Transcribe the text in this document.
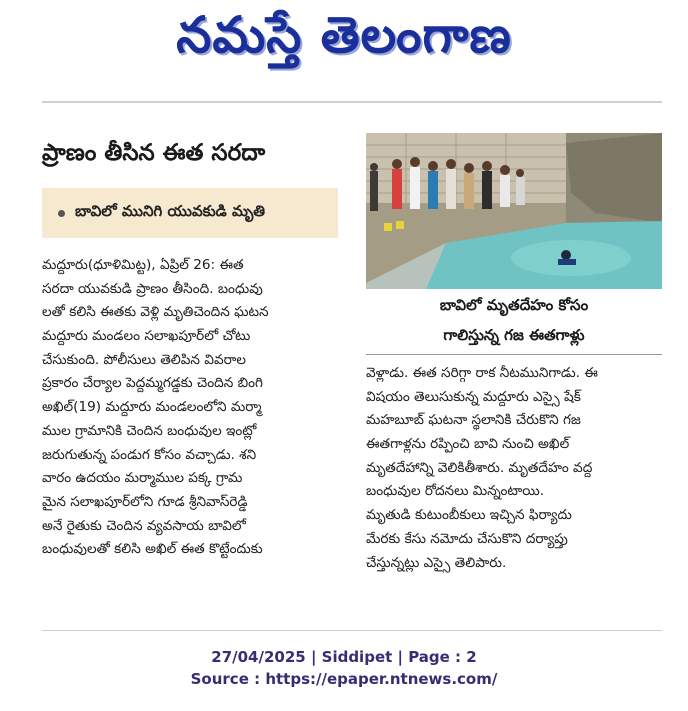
నమస్తే తెలంగాణ
ప్రాణం తీసిన ఈత సరదా
బావిలో మునిగి యువకుడి మృతి
మద్దూరు(ధూళిమిట్ట), ఏప్రిల్ 26: ఈత
సరదా యువకుడి ప్రాణం తీసింది. బంధువు
లతో కలిసి ఈతకు వెళ్లి మృతిచెందిన ఘటన
మద్దూరు మండలం సలాఖపూర్‌లో చోటు
చేసుకుంది. పోలీసులు తెలిపిన వివరాల
ప్రకారం చేర్యాల పెద్దమ్మగడ్డకు చెందిన బింగి
అఖిల్(19) మద్దూరు మండలంలోని మర్మా
ముల గ్రామానికి చెందిన బంధువుల ఇంట్లో
జరుగుతున్న పండుగ కోసం వచ్చాడు. శని
వారం ఉదయం మర్మాముల పక్క గ్రామ
మైన సలాఖపూర్‌లోని గూడ శ్రీనివాస్‌రెడ్డి
అనే రైతుకు చెందిన వ్యవసాయ బావిలో
బంధువులతో కలిసి అఖిల్ ఈత కొట్టేందుకు
బావిలో మృతదేహం కోసం
గాలిస్తున్న గజ ఈతగాళ్లు
వెళ్లాడు. ఈత సరిగ్గా రాక నీటమునిగాడు. ఈ
విషయం తెలుసుకున్న మద్దూరు ఎస్సై షేక్
మహబూబ్ ఘటనా స్థలానికి చేరుకొని గజ
ఈతగాళ్లను రప్పించి బావి నుంచి అఖిల్
మృతదేహాన్ని వెలికితీశారు. మృతదేహం వద్ద
బంధువుల రోదనలు మిన్నంటాయి.
మృతుడి కుటుంబీకులు ఇచ్చిన ఫిర్యాదు
మేరకు కేసు నమోదు చేసుకొని దర్యాప్తు
చేస్తున్నట్లు ఎస్సై తెలిపారు.
27/04/2025 | Siddipet | Page : 2
Source : https://epaper.ntnews.com/
